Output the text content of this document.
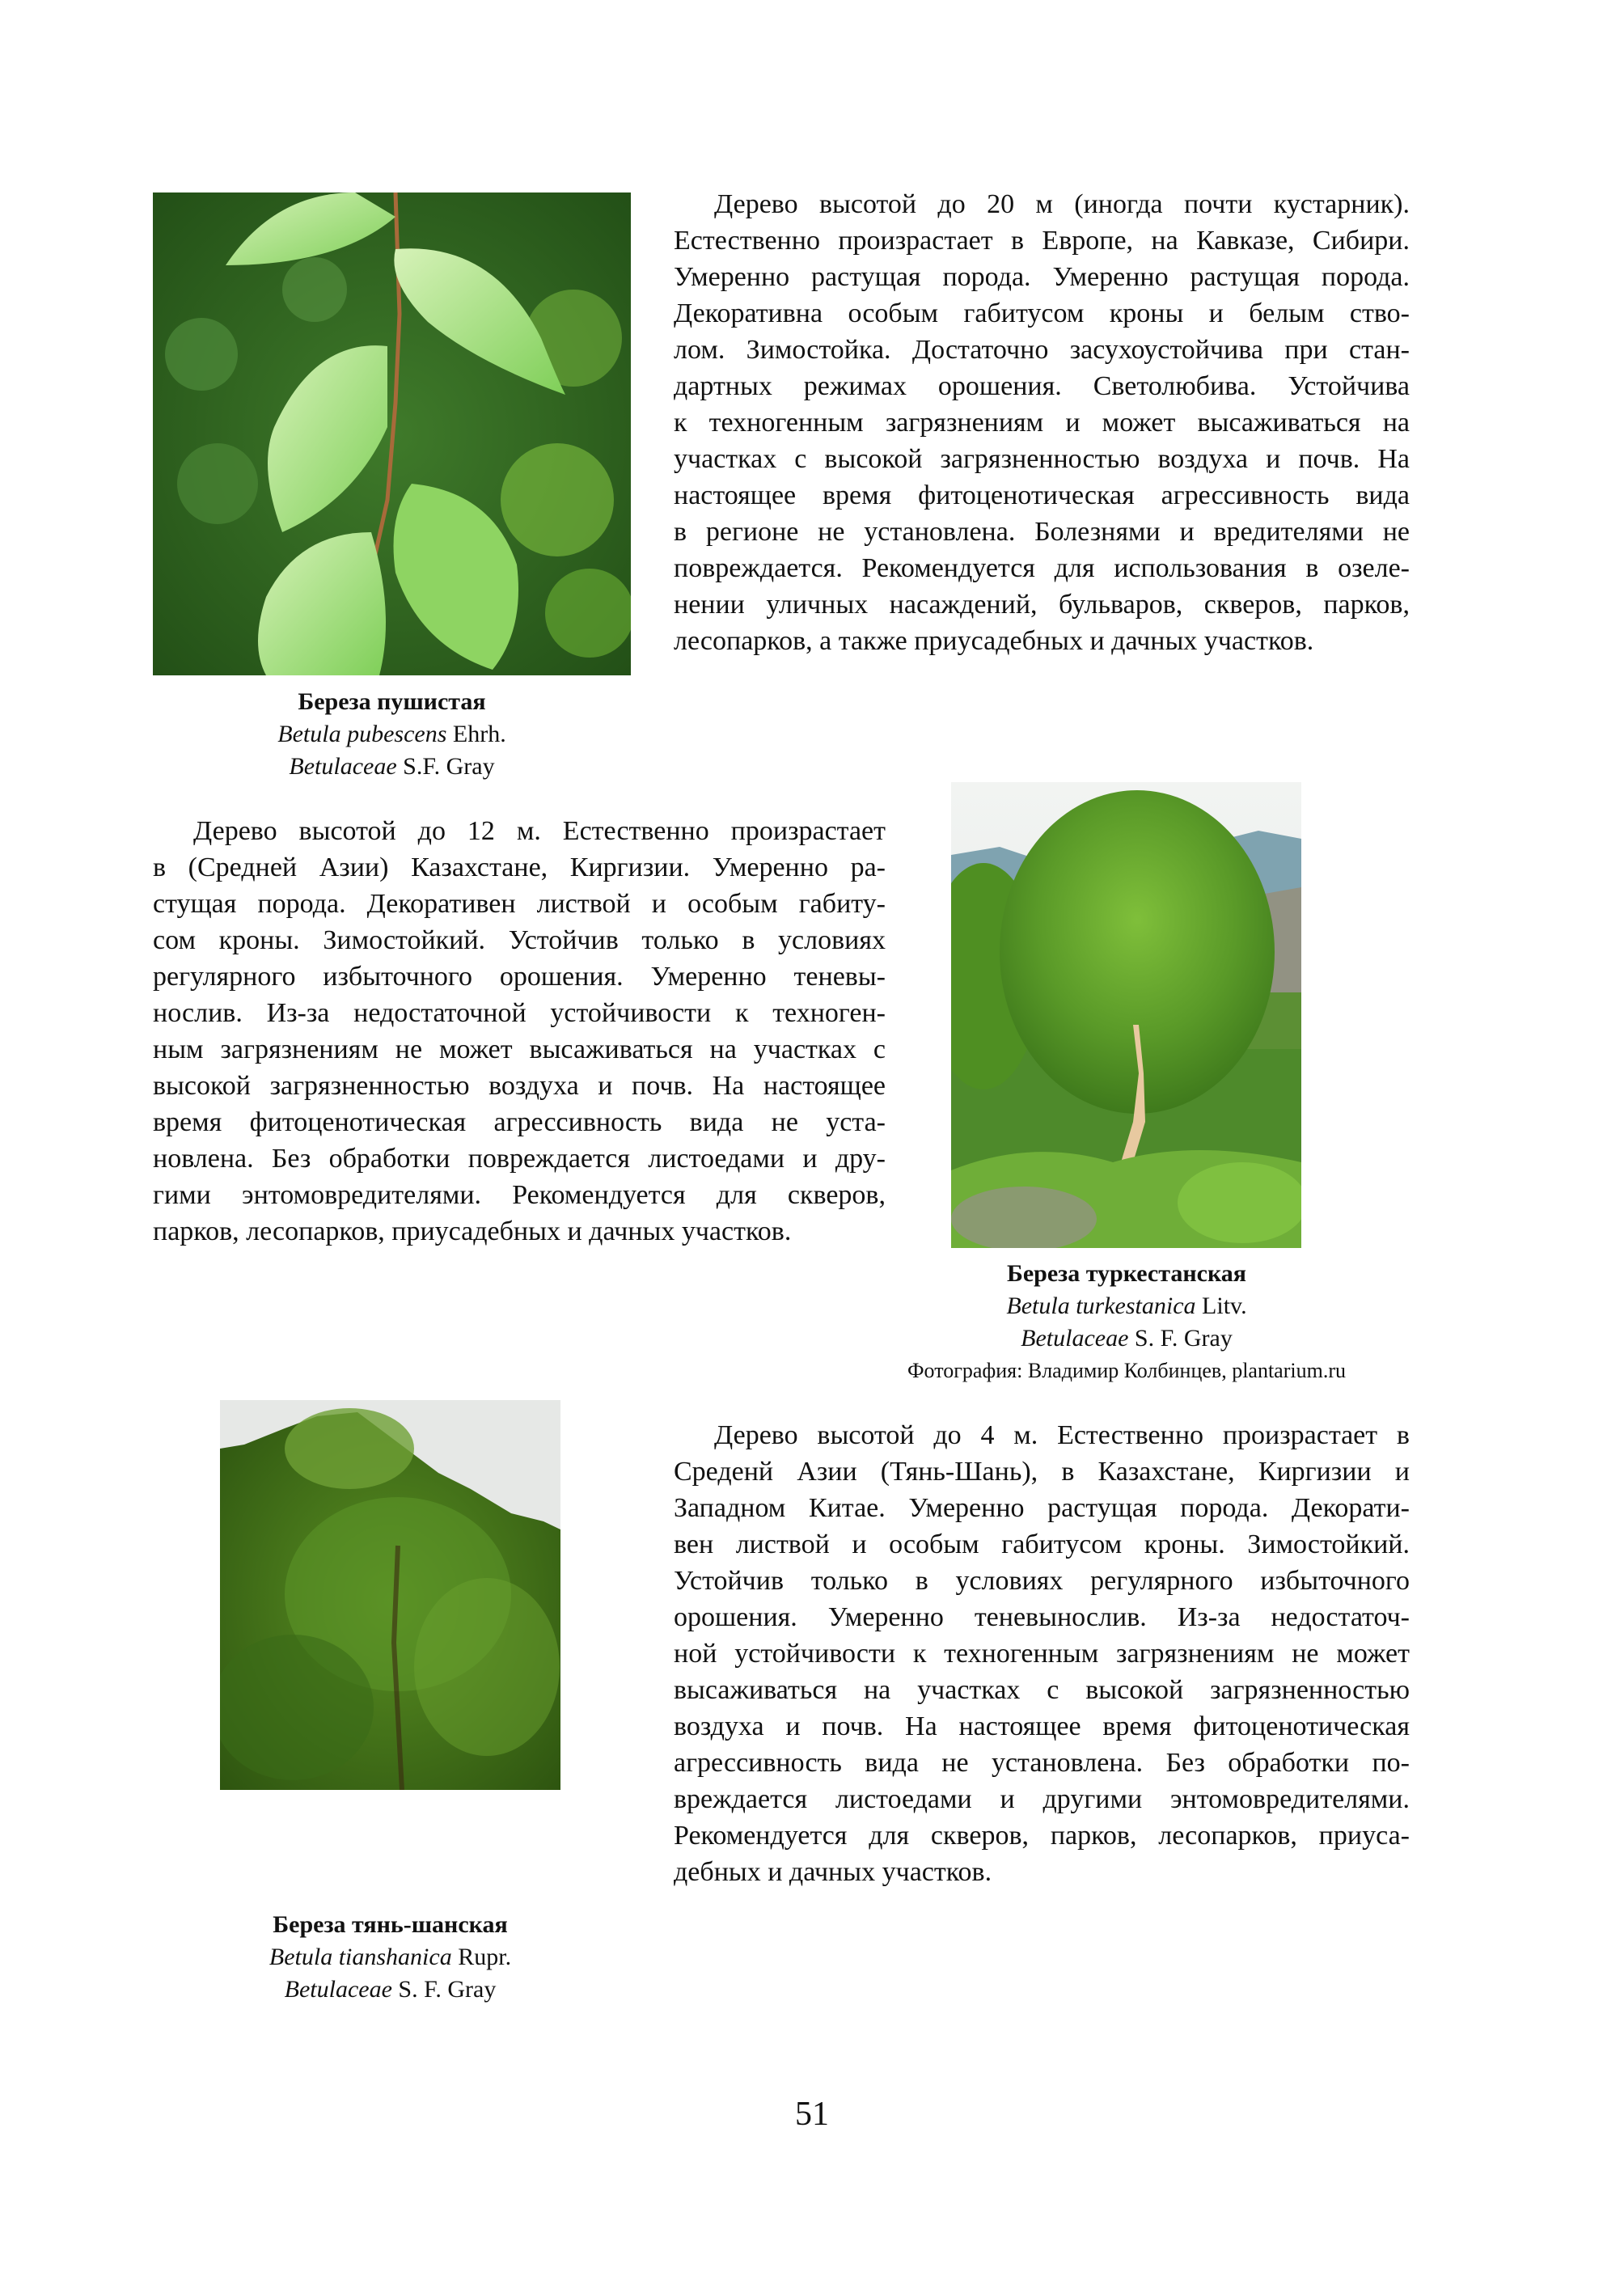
Береза пушистая
Betula pubescens Ehrh.
Betulaceae S.F. Gray
Дерево высотой до 20 м (иногда почти кустарник).
Естественно произрастает в Европе, на Кавказе, Сибири.
Умеренно растущая порода. Умеренно растущая порода.
Декоративна особым габитусом кроны и белым ство-
лом. Зимостойка. Достаточно засухоустойчива при стан-
дартных режимах орошения. Светолюбива. Устойчива
к техногенным загрязнениям и может высаживаться на
участках с высокой загрязненностью воздуха и почв. На
настоящее время фитоценотическая агрессивность вида
в регионе не установлена. Болезнями и вредителями не
повреждается. Рекомендуется для использования в озеле-
нении уличных насаждений, бульваров, скверов, парков,
лесопарков, а также приусадебных и дачных участков.
Дерево высотой до 12 м. Естественно произрастает
в (Средней Азии) Казахстане, Киргизии. Умеренно ра-
стущая порода. Декоративен листвой и особым габиту-
сом кроны. Зимостойкий. Устойчив только в условиях
регулярного избыточного орошения. Умеренно теневы-
нослив. Из-за недостаточной устойчивости к техноген-
ным загрязнениям не может высаживаться на участках с
высокой загрязненностью воздуха и почв. На настоящее
время фитоценотическая агрессивность вида не уста-
новлена. Без обработки повреждается листоедами и дру-
гими энтомовредителями. Рекомендуется для скверов,
парков, лесопарков, приусадебных и дачных участков.
Береза туркестанская
Betula turkestanica Litv.
Betulaceae S. F. Gray
Фотография: Владимир Колбинцев, plantarium.ru
Береза тянь-шанская
Betula tianshanica Rupr.
Betulaceae S. F. Gray
Дерево высотой до 4 м. Естественно произрастает в
Среденй Азии (Тянь-Шань), в Казахстане, Киргизии и
Западном Китае. Умеренно растущая порода. Декорати-
вен листвой и особым габитусом кроны. Зимостойкий.
Устойчив только в условиях регулярного избыточного
орошения. Умеренно теневынослив. Из-за недостаточ-
ной устойчивости к техногенным загрязнениям не может
высаживаться на участках с высокой загрязненностью
воздуха и почв. На настоящее время фитоценотическая
агрессивность вида не установлена. Без обработки по-
вреждается листоедами и другими энтомовредителями.
Рекомендуется для скверов, парков, лесопарков, приуса-
дебных и дачных участков.
51
